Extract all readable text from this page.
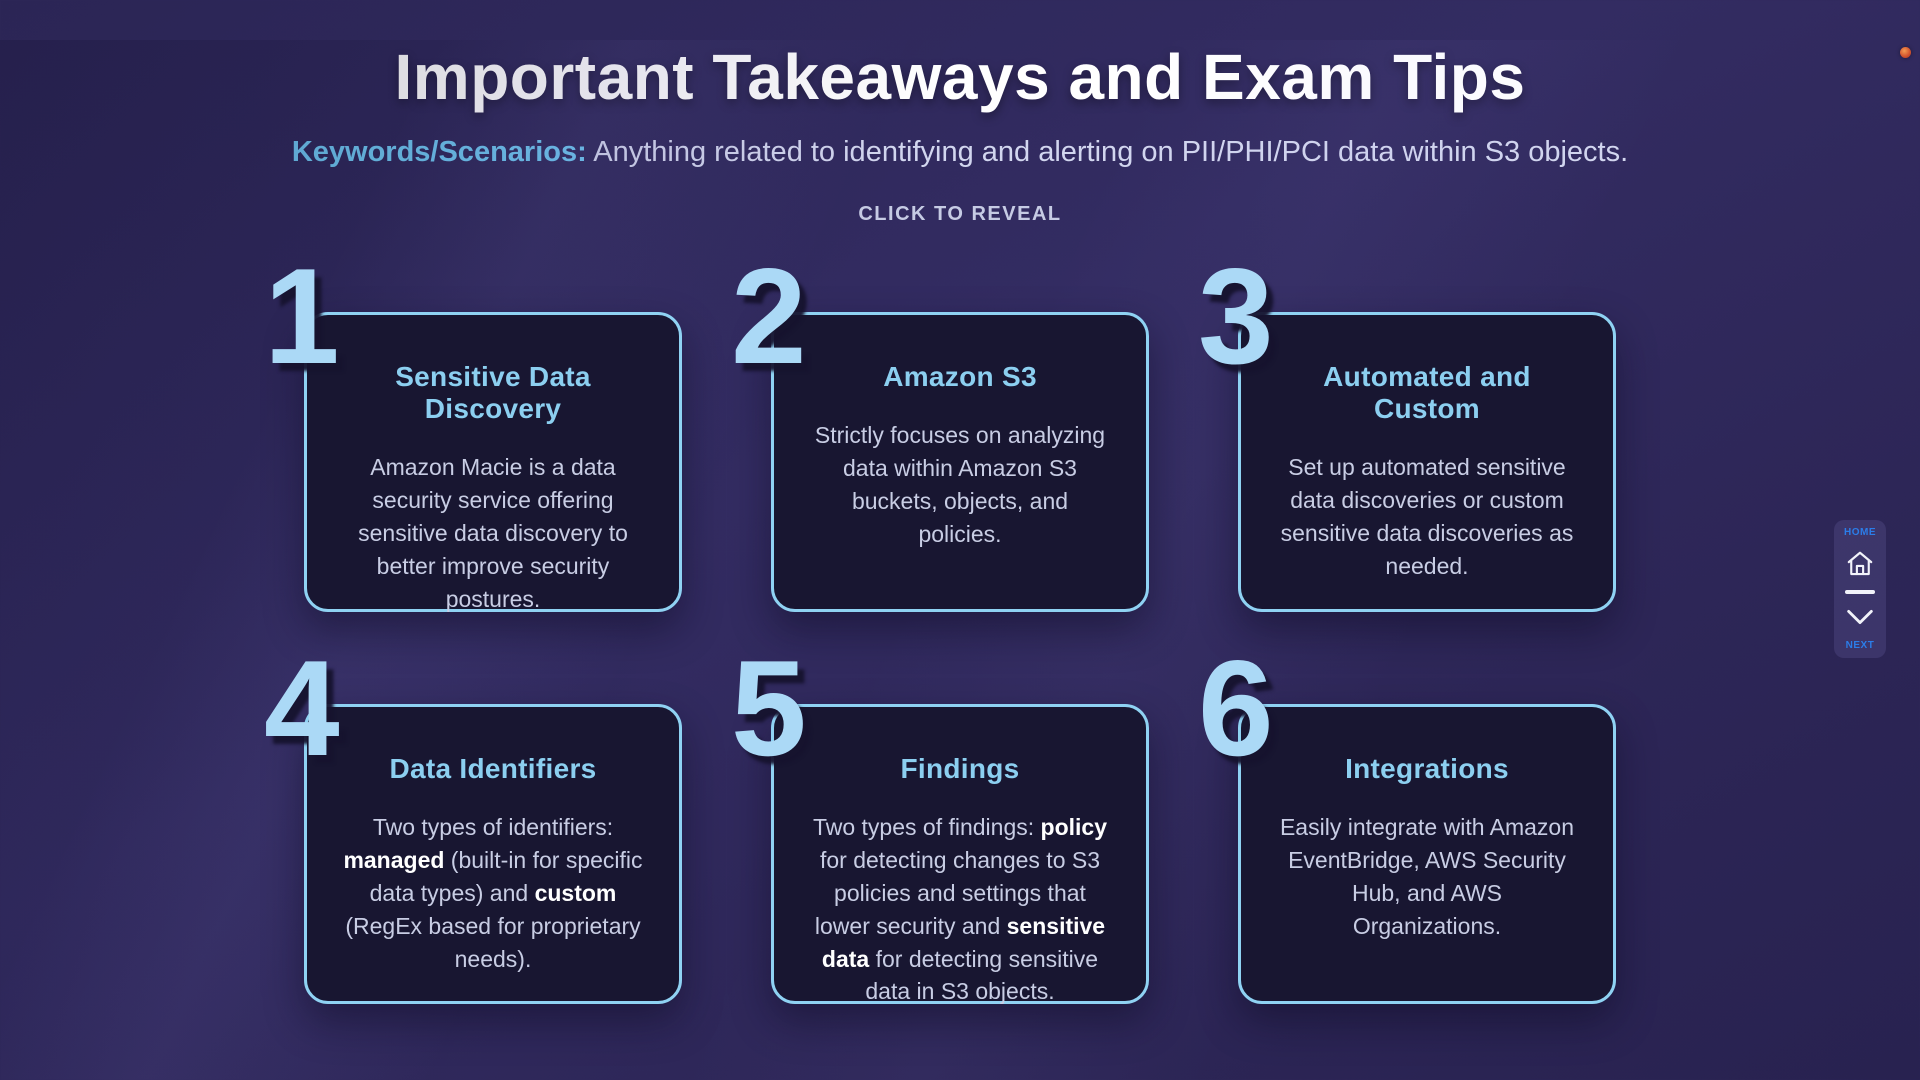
Important Takeaways and Exam Tips

Keywords/Scenarios: Anything related to identifying and alerting on PII/PHI/PCI data within S3 objects.

CLICK TO REVEAL
1	Sensitive Data Discovery

Amazon Macie is a data security service offering sensitive data discovery to better improve security postures.

2	Amazon S3

Strictly focuses on analyzing data within Amazon S3 buckets, objects, and policies.

3	Automated and Custom

Set up automated sensitive data discoveries or custom sensitive data discoveries as needed.

4	Data Identifiers

Two types of identifiers: managed (built-in for specific data types) and custom (RegEx based for proprietary needs).

5	Findings

Two types of findings: policy for detecting changes to S3 policies and settings that lower security and sensitive data for detecting sensitive data in S3 objects.

6	Integrations

Easily integrate with Amazon EventBridge, AWS Security Hub, and AWS Organizations.

HOME
NEXT
